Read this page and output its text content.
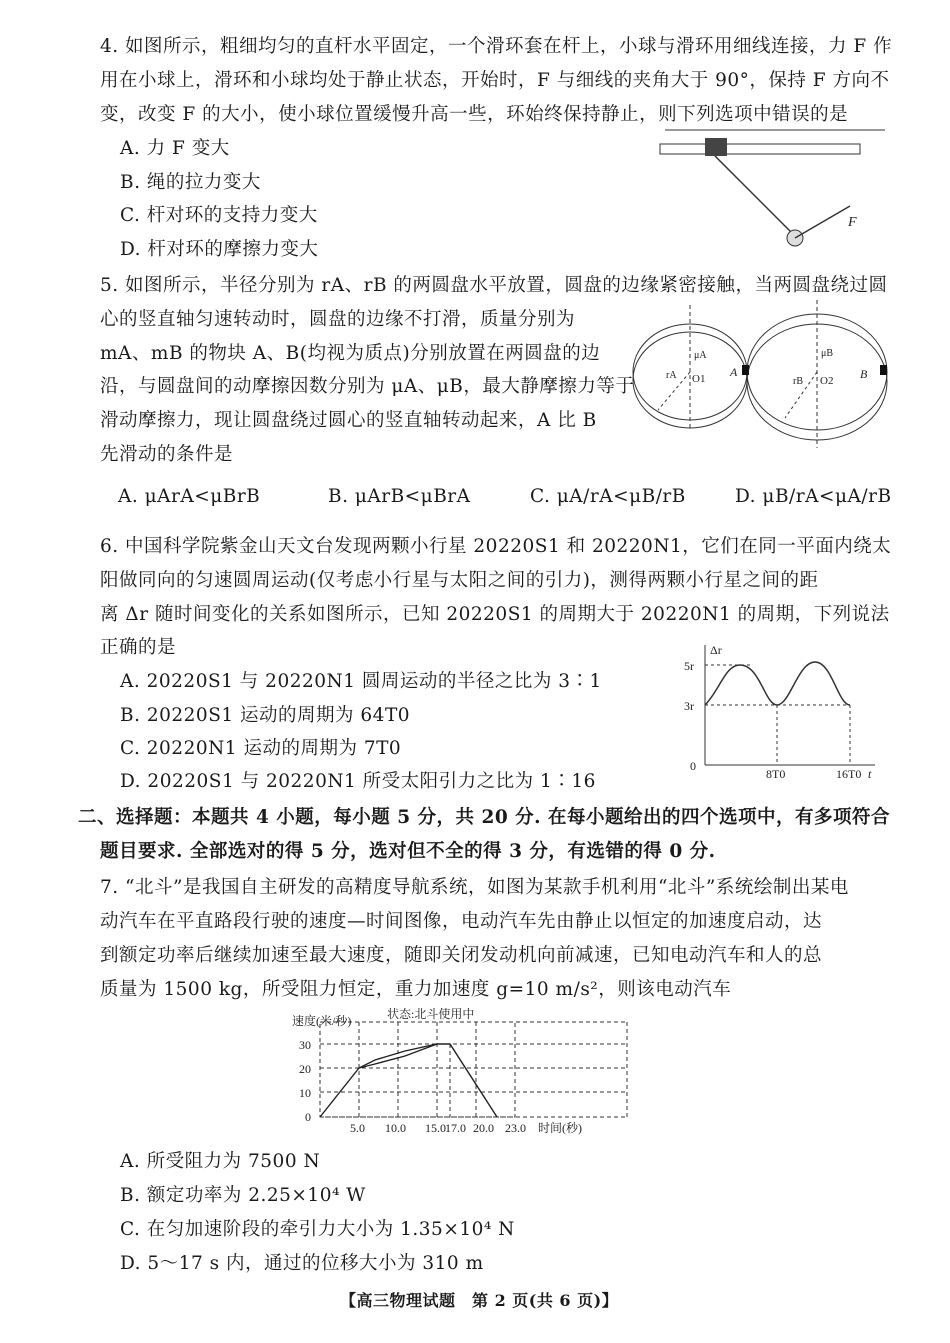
4. 如图所示，粗细均匀的直杆水平固定，一个滑环套在杆上，小球与滑环用细线连接，力 F 作
用在小球上，滑环和小球均处于静止状态，开始时，F 与细线的夹角大于 90°，保持 F 方向不
变，改变 F 的大小，使小球位置缓慢升高一些，环始终保持静止，则下列选项中错误的是
A. 力 F 变大
B. 绳的拉力变大
C. 杆对环的支持力变大
D. 杆对环的摩擦力变大
F
5. 如图所示，半径分别为 rA、rB 的两圆盘水平放置，圆盘的边缘紧密接触，当两圆盘绕过圆
心的竖直轴匀速转动时，圆盘的边缘不打滑，质量分别为
mA、mB 的物块 A、B(均视为质点)分别放置在两圆盘的边
沿，与圆盘间的动摩擦因数分别为 μA、μB，最大静摩擦力等于
滑动摩擦力，现让圆盘绕过圆心的竖直轴转动起来，A 比 B
先滑动的条件是
A. μArA<μBrB	B. μArB<μBrA	C. μA/rA<μB/rB	D. μB/rA<μA/rB
μA	μB
rA
rB
O1	O2
A	B
6. 中国科学院紫金山天文台发现两颗小行星 20220S1 和 20220N1，它们在同一平面内绕太
阳做同向的匀速圆周运动(仅考虑小行星与太阳之间的引力)，测得两颗小行星之间的距
离 Δr 随时间变化的关系如图所示，已知 20220S1 的周期大于 20220N1 的周期，下列说法
正确的是
A. 20220S1 与 20220N1 圆周运动的半径之比为 3∶1
B. 20220S1 运动的周期为 64T0
C. 20220N1 运动的周期为 7T0
D. 20220S1 与 20220N1 所受太阳引力之比为 1∶16
Δr
5r
3r
0
8T0	16T0 t
二、选择题：本题共 4 小题，每小题 5 分，共 20 分. 在每小题给出的四个选项中，有多项符合
题目要求. 全部选对的得 5 分，选对但不全的得 3 分，有选错的得 0 分.
7. “北斗”是我国自主研发的高精度导航系统，如图为某款手机利用“北斗”系统绘制出某电
动汽车在平直路段行驶的速度—时间图像，电动汽车先由静止以恒定的加速度启动，达
到额定功率后继续加速至最大速度，随即关闭发动机向前减速，已知电动汽车和人的总
质量为 1500 kg，所受阻力恒定，重力加速度 g=10 m/s²，则该电动汽车
速度(米/秒)	状态:北斗使用中
0
10
20
30
5.0 10.0 15.0 17.0 20.0 23.0 时间(秒)
A. 所受阻力为 7500 N
B. 额定功率为 2.25×10⁴ W
C. 在匀加速阶段的牵引力大小为 1.35×10⁴ N
D. 5～17 s 内，通过的位移大小为 310 m
【高三物理试题　第 2 页(共 6 页)】
